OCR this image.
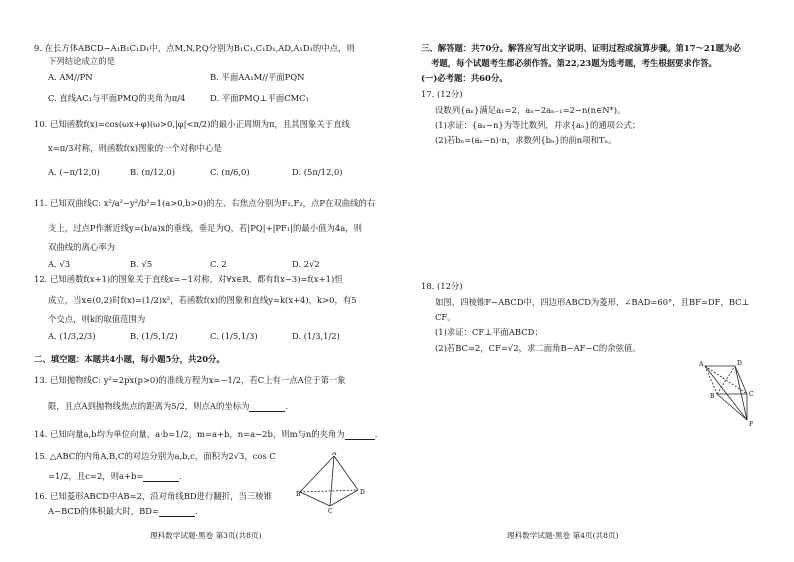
9. 在长方体ABCD−A₁B₁C₁D₁中，点M,N,P,Q分别为B₁C₁,C₁D₁,AD,A₁D₁的中点，则
下列结论成立的是
A. AM//PN	B. 平面AA₁M//平面PQN
C. 直线AC₁与平面PMQ的夹角为π/4	D. 平面PMQ⊥平面CMC₁
10. 已知函数f(x)=cos(ωx+φ)(ω>0,|φ|<π/2)的最小正周期为π，且其图象关于直线
x=π/3对称，则函数f(x)图象的一个对称中心是
A. (−π/12,0)	B. (π/12,0)	C. (π/6,0)	D. (5π/12,0)
11. 已知双曲线C: x²/a²−y²/b²=1(a>0,b>0)的左、右焦点分别为F₁,F₂，点P在双曲线的右
支上，过点P作渐近线y=(b/a)x的垂线，垂足为Q，若|PQ|+|PF₁|的最小值为4a，则
双曲线的离心率为
A. √3	B. √5	C. 2	D. 2√2
12. 已知函数f(x+1)的图象关于直线x=−1对称，对∀x∈R，都有f(x−3)=f(x+1)恒
成立，当x∈(0,2)时f(x)=(1/2)x²，若函数f(x)的图象和直线y=k(x+4)，k>0，有5
个交点，则k的取值范围为
A. (1/3,2/3)	B. (1/5,1/2)	C. (1/5,1/3)	D. (1/3,1/2)
二、填空题：本题共4小题，每小题5分，共20分。
13. 已知抛物线C: y²=2px(p>0)的准线方程为x=−1/2，若C上有一点A位于第一象
限，且点A到抛物线焦点的距离为5/2，则点A的坐标为	.
14. 已知向量a,b均为单位向量，a·b=1/2，m=a+b，n=a−2b，则m与n的夹角为	.
15. △ABC的内角A,B,C的对边分别为a,b,c，面积为2√3，cos C
=1/2，且c=2，则a+b=	.
16. 已知菱形ABCD中AB=2，沿对角线BD进行翻折，当三棱锥
A−BCD的体积最大时，BD=	.
A
B
C
D
理科数学试题·黑卷 第3页(共8页)
三、解答题：共70分。解答应写出文字说明、证明过程或演算步骤。第17～21题为必
考题，每个试题考生都必须作答。第22,23题为选考题，考生根据要求作答。
(一)必考题：共60分。
17. (12分)
设数列{aₙ}满足a₁=2，aₙ−2aₙ₋₁=2−n(n∈N*)。
(1)求证：{aₙ−n}为等比数列，并求{aₙ}的通项公式；
(2)若bₙ=(aₙ−n)·n，求数列{bₙ}的前n项和Tₙ。
18. (12分)
如图，四棱锥F−ABCD中，四边形ABCD为菱形，∠BAD=60°，且BF=DF，BC⊥
CF。
(1)求证：CF⊥平面ABCD；
(2)若BC=2，CF=√2，求二面角B−AF−C的余弦值。
A	D
B	C
F
理科数学试题·黑卷 第4页(共8页)
